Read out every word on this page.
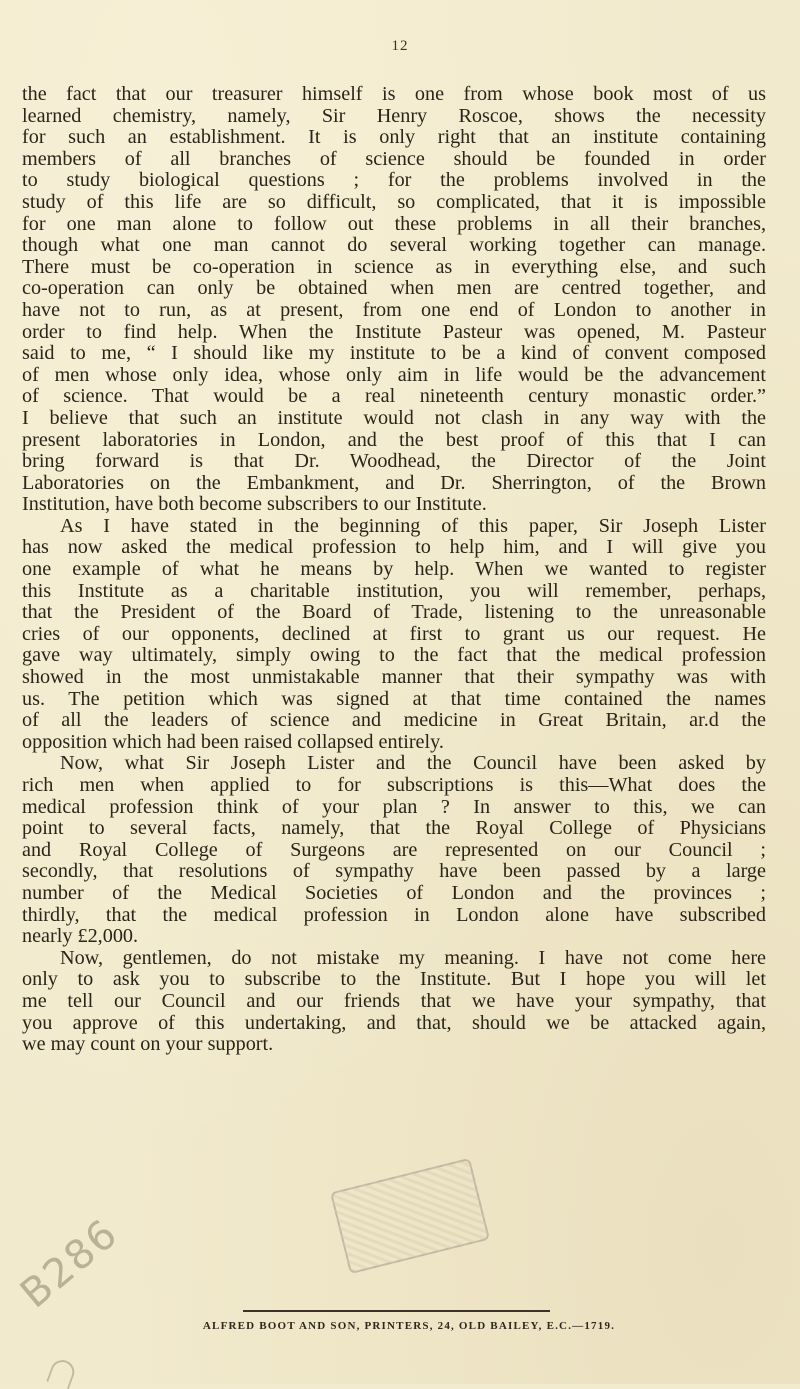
12
the fact that our treasurer himself is one from whose book most of us
learned chemistry, namely, Sir Henry Roscoe, shows the necessity
for such an establishment. It is only right that an institute containing
members of all branches of science should be founded in order
to study biological questions ; for the problems involved in the
study of this life are so difficult, so complicated, that it is impossible
for one man alone to follow out these problems in all their branches,
though what one man cannot do several working together can manage.
There must be co-operation in science as in everything else, and such
co-operation can only be obtained when men are centred together, and
have not to run, as at present, from one end of London to another in
order to find help. When the Institute Pasteur was opened, M. Pasteur
said to me, “ I should like my institute to be a kind of convent composed
of men whose only idea, whose only aim in life would be the advancement
of science. That would be a real nineteenth century monastic order.”
I believe that such an institute would not clash in any way with the
present laboratories in London, and the best proof of this that I can
bring forward is that Dr. Woodhead, the Director of the Joint
Laboratories on the Embankment, and Dr. Sherrington, of the Brown
Institution, have both become subscribers to our Institute.
As I have stated in the beginning of this paper, Sir Joseph Lister
has now asked the medical profession to help him, and I will give you
one example of what he means by help. When we wanted to register
this Institute as a charitable institution, you will remember, perhaps,
that the President of the Board of Trade, listening to the unreasonable
cries of our opponents, declined at first to grant us our request. He
gave way ultimately, simply owing to the fact that the medical profession
showed in the most unmistakable manner that their sympathy was with
us. The petition which was signed at that time contained the names
of all the leaders of science and medicine in Great Britain, ar.d the
opposition which had been raised collapsed entirely.
Now, what Sir Joseph Lister and the Council have been asked by
rich men when applied to for subscriptions is this—What does the
medical profession think of your plan ? In answer to this, we can
point to several facts, namely, that the Royal College of Physicians
and Royal College of Surgeons are represented on our Council ;
secondly, that resolutions of sympathy have been passed by a large
number of the Medical Societies of London and the provinces ;
thirdly, that the medical profession in London alone have subscribed
nearly £2,000.
Now, gentlemen, do not mistake my meaning. I have not come here
only to ask you to subscribe to the Institute. But I hope you will let
me tell our Council and our friends that we have your sympathy, that
you approve of this undertaking, and that, should we be attacked again,
we may count on your support.
B286
ALFRED BOOT AND SON, PRINTERS, 24, OLD BAILEY, E.C.—1719.
